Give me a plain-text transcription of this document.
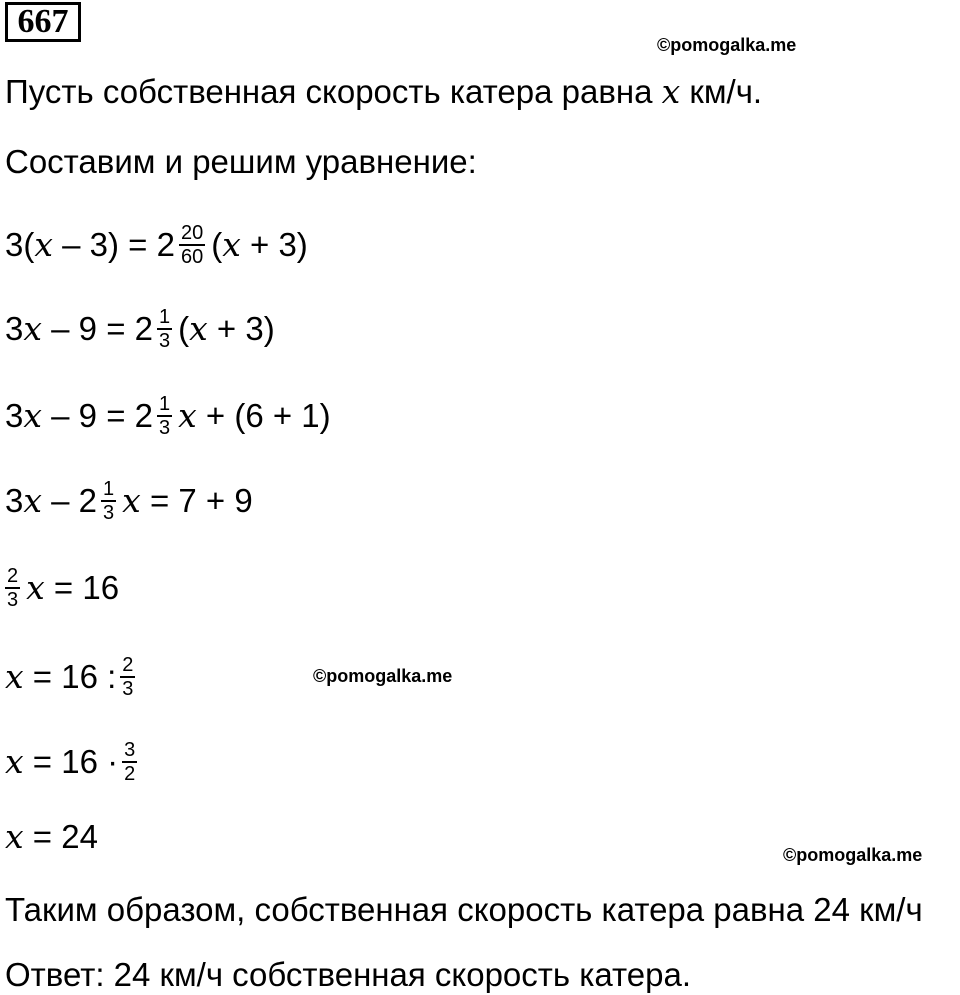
667
©pomogalka.me
©pomogalka.me
©pomogalka.me
Пусть собственная скорость катера равна x км/ч.
Составим и решим уравнение:
3( $x - 3) = 2 \frac{20}{60}$ ( x + 3)
3 $x - 9 = 2 \frac{1}{3}$ ( x + 3)
3 $x - 9 = 2 \frac{1}{3}$ x + (6 + 1)
3 x – $2 \frac{1}{3}$ x = 7 + 9
$\frac{2}{3}$ x = 16
x = 16 : $\frac{2}{3}$
$x = 16 \cdot \frac{3}{2}$
x = 24
Таким образом, собственная скорость катера равна 24 км/ч
Ответ: 24 км/ч собственная скорость катера.
